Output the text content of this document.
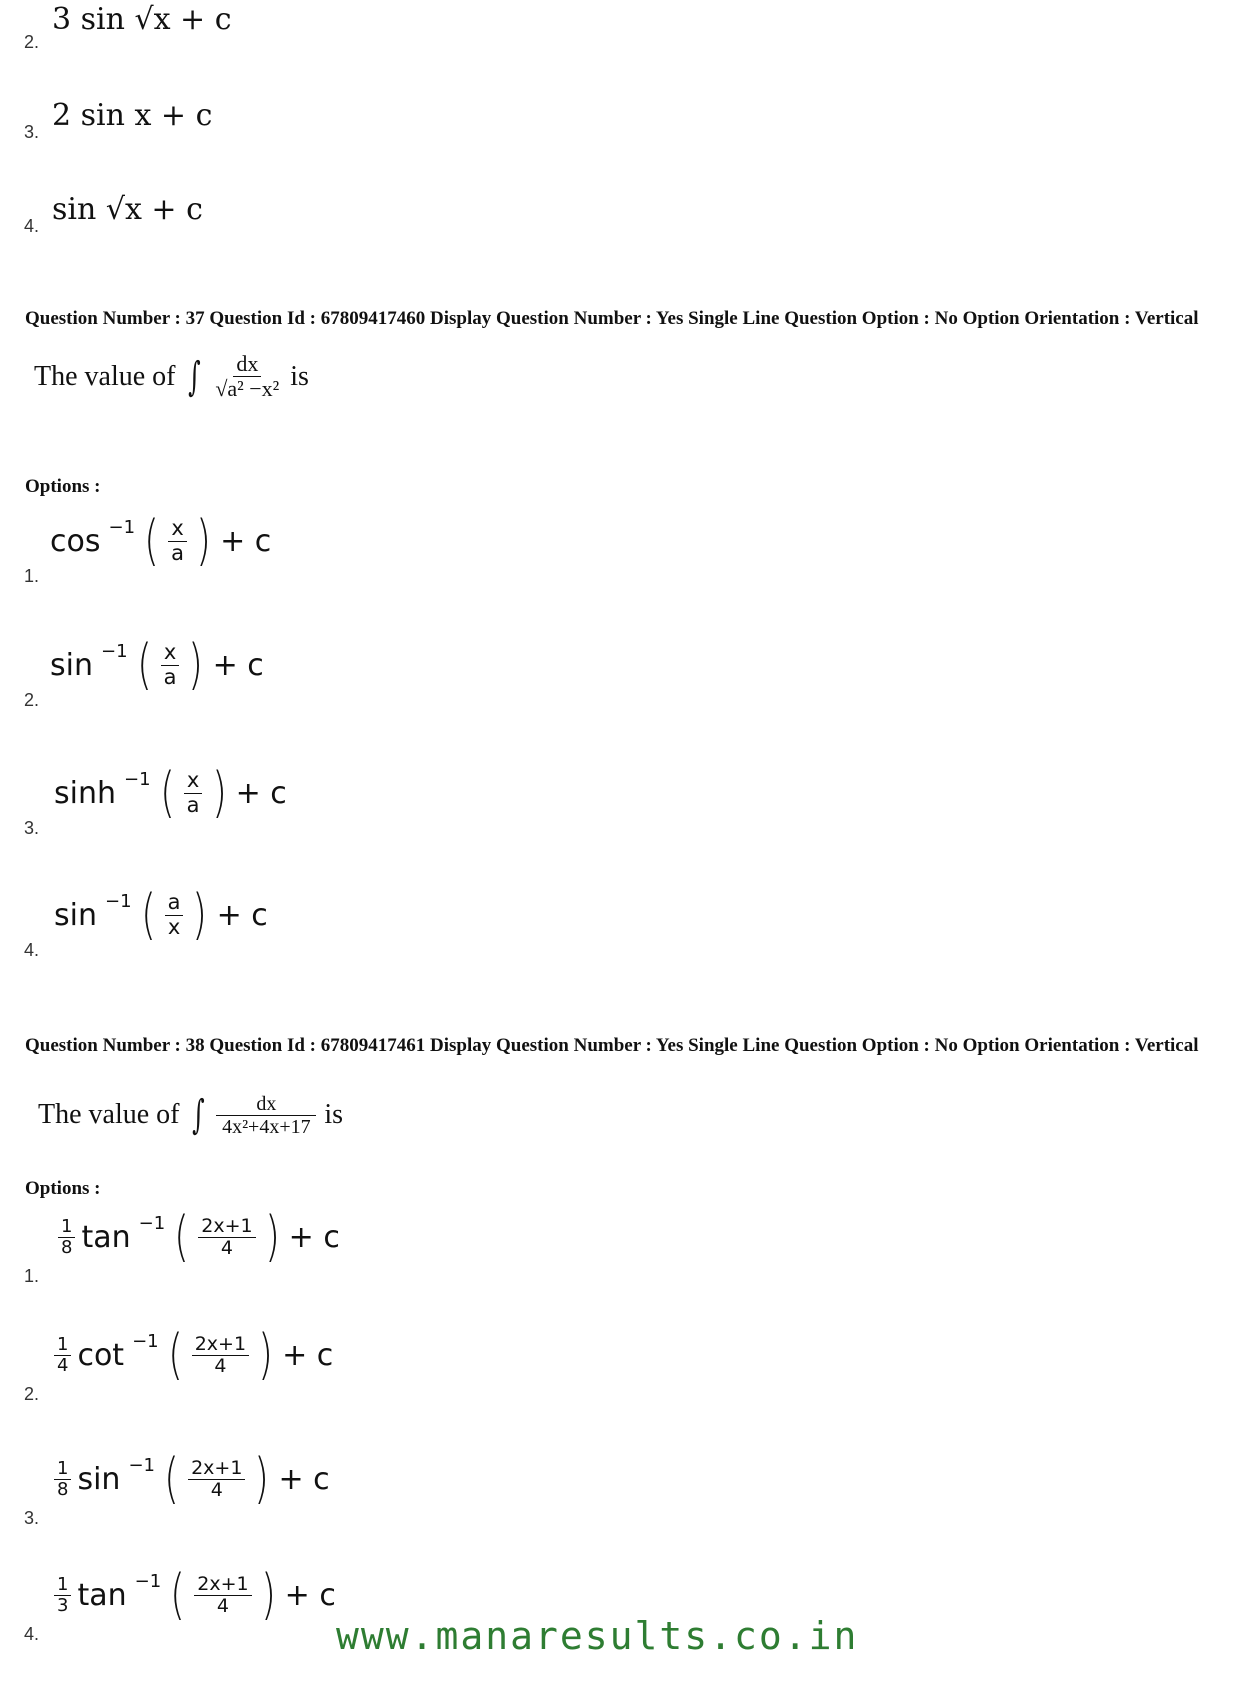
2.
3 sin √x + c
3. 2 sin x + c
4. sin √x + c
Question Number : 37 Question Id : 67809417460 Display Question Number : Yes Single Line Question Option : No Option Orientation : Vertical
The value of ∫ $\frac{dx}{\text{√a² −x²}}$ is
Options :
1.
cos −1 ( $\frac{x}{a}$ ) + c
2.
sin −1 ( $\frac{x}{a}$ ) + c
3.
sinh −1 ( $\frac{x}{a}$ ) + c
4.
sin −1 ( $\frac{a}{x}$ ) + c
Question Number : 38 Question Id : 67809417461 Display Question Number : Yes Single Line Question Option : No Option Orientation : Vertical
The value of ∫ $\frac{dx}{\text{4x²+4x+17}}$ is
Options :
1.
$\frac{1}{8}$ tan −1 ( $\frac{2x+1}{4}$ ) + c
2.
$\frac{1}{4}$ cot −1 ( $\frac{2x+1}{4}$ ) + c
3.
$\frac{1}{8}$ sin −1 ( $\frac{2x+1}{4}$ ) + c
4.
$\frac{1}{3}$ tan −1 ( $\frac{2x+1}{4}$ ) + c
www.manaresults.co.in
